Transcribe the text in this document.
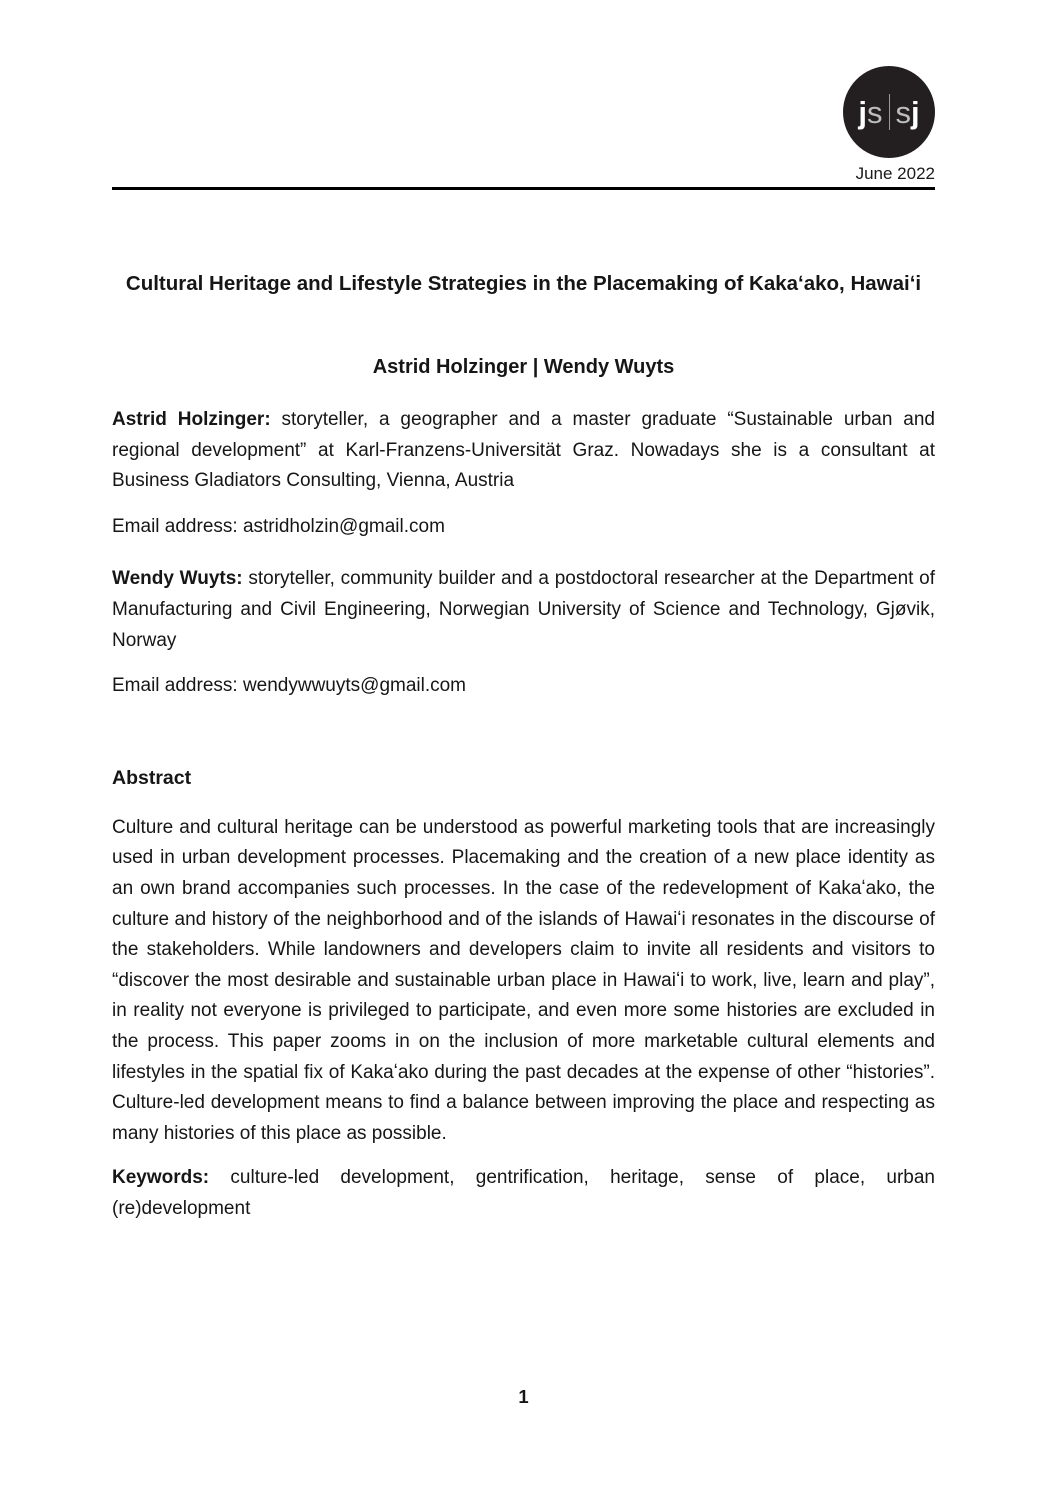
j s s j
June 2022
Cultural Heritage and Lifestyle Strategies in the Placemaking of Kakaʻako, Hawaiʻi
Astrid Holzinger | Wendy Wuyts

Astrid Holzinger: storyteller, a geographer and a master graduate “Sustainable urban and regional development” at Karl-Franzens-Universität Graz. Nowadays she is a consultant at Business Gladiators Consulting, Vienna, Austria

Email address: astridholzin@gmail.com

Wendy Wuyts: storyteller, community builder and a postdoctoral researcher at the Department of Manufacturing and Civil Engineering, Norwegian University of Science and Technology, Gjøvik, Norway

Email address: wendywwuyts@gmail.com

Abstract

Culture and cultural heritage can be understood as powerful marketing tools that are increasingly used in urban development processes. Placemaking and the creation of a new place identity as an own brand accompanies such processes. In the case of the redevelopment of Kakaʻako, the culture and history of the neighborhood and of the islands of Hawaiʻi resonates in the discourse of the stakeholders. While landowners and developers claim to invite all residents and visitors to “discover the most desirable and sustainable urban place in Hawaiʻi to work, live, learn and play”, in reality not everyone is privileged to participate, and even more some histories are excluded in the process. This paper zooms in on the inclusion of more marketable cultural elements and lifestyles in the spatial fix of Kakaʻako during the past decades at the expense of other “histories”. Culture-led development means to find a balance between improving the place and respecting as many histories of this place as possible.

Keywords: culture-led development, gentrification, heritage, sense of place, urban (re)development

1
